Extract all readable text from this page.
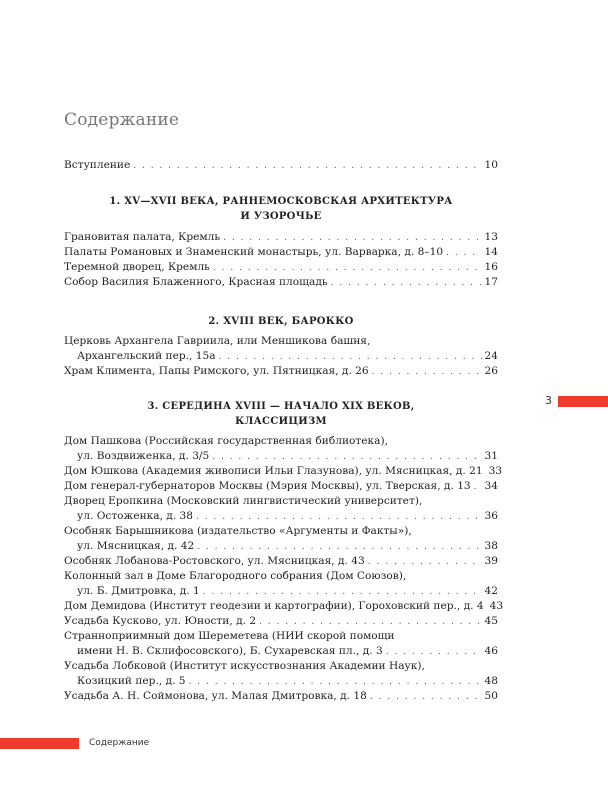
Содержание
Вступление . . .	10
1. XV—XVII ВЕКА, РАННЕМОСКОВСКАЯ АРХИТЕКТУРА
И УЗОРОЧЬЕ
Грановитая палата, Кремль . . .	13
Палаты Романовых и Знаменский монастырь, ул. Варварка, д. 8–10 . . .	14
Теремной дворец, Кремль . . .	16
Собор Василия Блаженного, Красная площадь . . .	17
2. XVIII ВЕК, БАРОККО
Церковь Архангела Гавриила, или Меншикова башня,
Архангельский пер., 15а . . .	24
Храм Климента, Папы Римского, ул. Пятницкая, д. 26 . . .	26
3. СЕРЕДИНА XVIII — НАЧАЛО XIX ВЕКОВ,
КЛАССИЦИЗМ
Дом Пашкова (Российская государственная библиотека),
ул. Воздвиженка, д. 3/5 . . .	31
Дом Юшкова (Академия живописи Ильи Глазунова), ул. Мясницкая, д. 21 33
Дом генерал-губернаторов Москвы (Мэрия Москвы), ул. Тверская, д. 13 . . . 34
Дворец Еропкина (Московский лингвистический университет),
ул. Остоженка, д. 38 . . .	36
Особняк Барышникова (издательство «Аргументы и Факты»),
ул. Мясницкая, д. 42 . . .	38
Особняк Лобанова-Ростовского, ул. Мясницкая, д. 43 . . .	39
Колонный зал в Доме Благородного собрания (Дом Союзов),
ул. Б. Дмитровка, д. 1 . . .	42
Дом Демидова (Институт геодезии и картографии), Гороховский пер., д. 4 43
Усадьба Кусково, ул. Юности, д. 2 . . .	45
Странноприимный дом Шереметева (НИИ скорой помощи
имени Н. В. Склифосовского), Б. Сухаревская пл., д. 3 . . .	46
Усадьба Лобковой (Институт искусствознания Академии Наук),
Козицкий пер., д. 5 . . .	48
Усадьба А. Н. Соймонова, ул. Малая Дмитровка, д. 18 . . .	50
3
Содержание
